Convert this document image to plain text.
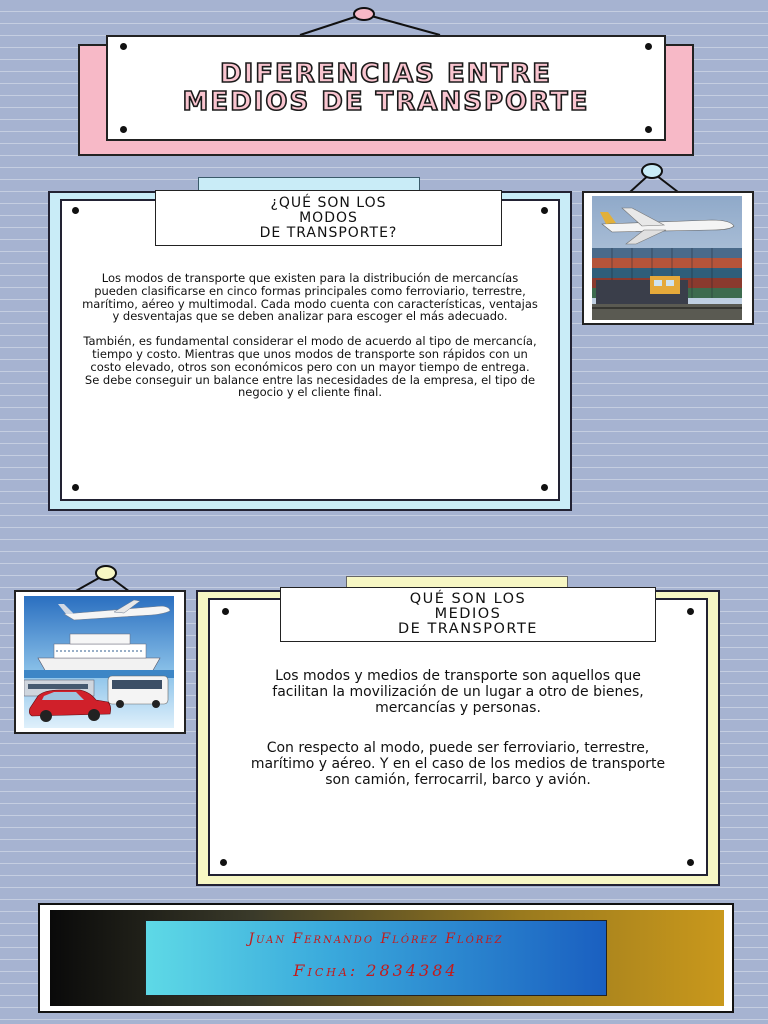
DIFERENCIAS ENTRE MEDIOS DE TRANSPORTE
¿QUÉ SON LOS
MODOS
DE TRANSPORTE?

Los modos de transporte que existen para la distribución de mercancías pueden clasificarse en cinco formas principales como ferroviario, terrestre, marítimo, aéreo y multimodal. Cada modo cuenta con características, ventajas y desventajas que se deben analizar para escoger el más adecuado.

También, es fundamental considerar el modo de acuerdo al tipo de mercancía, tiempo y costo. Mientras que unos modos de transporte son rápidos con un costo elevado, otros son económicos pero con un mayor tiempo de entrega. Se debe conseguir un balance entre las necesidades de la empresa, el tipo de negocio y el cliente final.

QUÉ SON LOS
MEDIOS
DE TRANSPORTE

Los modos y medios de transporte son aquellos que facilitan la movilización de un lugar a otro de bienes, mercancías y personas.

Con respecto al modo, puede ser ferroviario, terrestre, marítimo y aéreo. Y en el caso de los medios de transporte son camión, ferrocarril, barco y avión.

Juan Fernando Flórez Flórez
Ficha: 2834384
